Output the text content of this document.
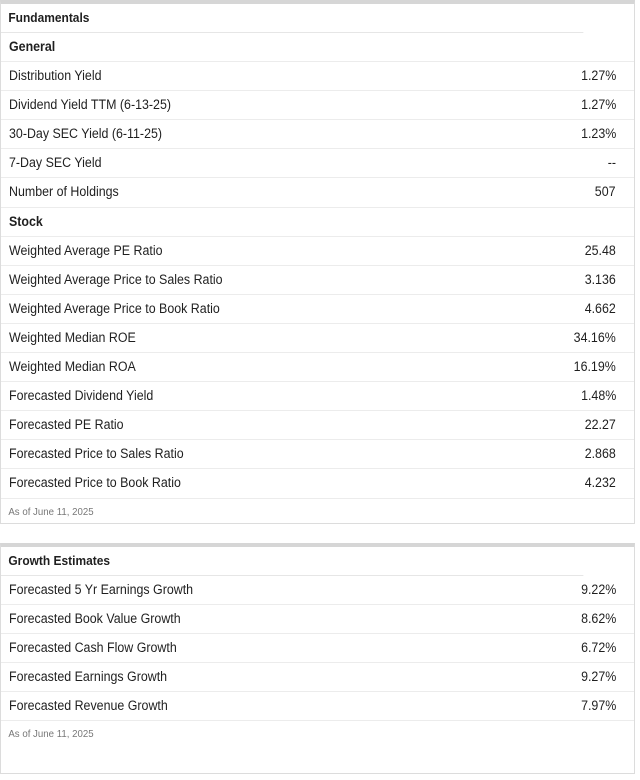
Fundamentals
General
Distribution Yield	1.27%
Dividend Yield TTM (6-13-25)	1.27%
30-Day SEC Yield (6-11-25)	1.23%
7-Day SEC Yield	--
Number of Holdings	507
Stock
Weighted Average PE Ratio	25.48
Weighted Average Price to Sales Ratio	3.136
Weighted Average Price to Book Ratio	4.662
Weighted Median ROE	34.16%
Weighted Median ROA	16.19%
Forecasted Dividend Yield	1.48%
Forecasted PE Ratio	22.27
Forecasted Price to Sales Ratio	2.868
Forecasted Price to Book Ratio	4.232
As of June 11, 2025
Growth Estimates
Forecasted 5 Yr Earnings Growth	9.22%
Forecasted Book Value Growth	8.62%
Forecasted Cash Flow Growth	6.72%
Forecasted Earnings Growth	9.27%
Forecasted Revenue Growth	7.97%
As of June 11, 2025
